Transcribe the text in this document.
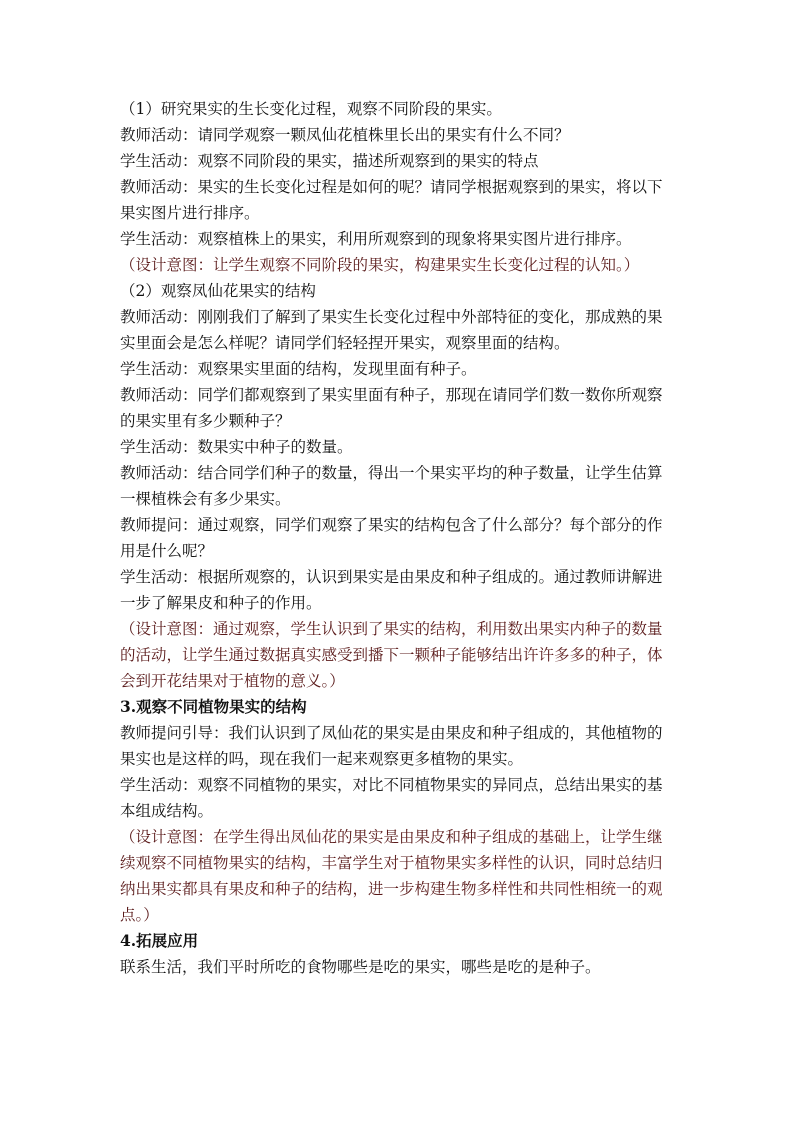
（1）研究果实的生长变化过程，观察不同阶段的果实。
教师活动：请同学观察一颗凤仙花植株里长出的果实有什么不同？
学生活动：观察不同阶段的果实，描述所观察到的果实的特点
教师活动：果实的生长变化过程是如何的呢？请同学根据观察到的果实，将以下
果实图片进行排序。
学生活动：观察植株上的果实，利用所观察到的现象将果实图片进行排序。
（设计意图：让学生观察不同阶段的果实，构建果实生长变化过程的认知。）
（2）观察凤仙花果实的结构
教师活动：刚刚我们了解到了果实生长变化过程中外部特征的变化，那成熟的果
实里面会是怎么样呢？请同学们轻轻捏开果实，观察里面的结构。
学生活动：观察果实里面的结构，发现里面有种子。
教师活动：同学们都观察到了果实里面有种子，那现在请同学们数一数你所观察
的果实里有多少颗种子？
学生活动：数果实中种子的数量。
教师活动：结合同学们种子的数量，得出一个果实平均的种子数量，让学生估算
一棵植株会有多少果实。
教师提问：通过观察，同学们观察了果实的结构包含了什么部分？每个部分的作
用是什么呢？
学生活动：根据所观察的，认识到果实是由果皮和种子组成的。通过教师讲解进
一步了解果皮和种子的作用。
（设计意图：通过观察，学生认识到了果实的结构，利用数出果实内种子的数量
的活动，让学生通过数据真实感受到播下一颗种子能够结出许许多多的种子，体
会到开花结果对于植物的意义。）
3.观察不同植物果实的结构
教师提问引导：我们认识到了凤仙花的果实是由果皮和种子组成的，其他植物的
果实也是这样的吗，现在我们一起来观察更多植物的果实。
学生活动：观察不同植物的果实，对比不同植物果实的异同点，总结出果实的基
本组成结构。
（设计意图：在学生得出凤仙花的果实是由果皮和种子组成的基础上，让学生继
续观察不同植物果实的结构，丰富学生对于植物果实多样性的认识，同时总结归
纳出果实都具有果皮和种子的结构，进一步构建生物多样性和共同性相统一的观
点。）
4.拓展应用
联系生活，我们平时所吃的食物哪些是吃的果实，哪些是吃的是种子。
